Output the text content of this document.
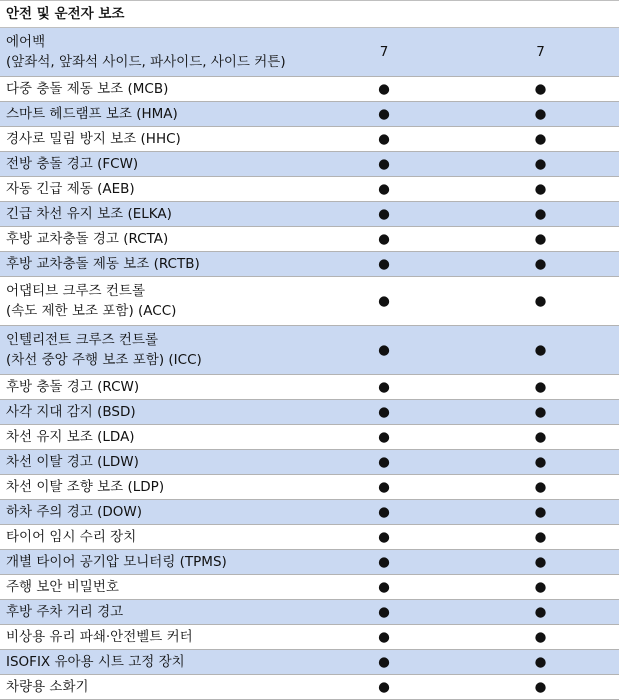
안전 및 운전자 보조
에어백
(앞좌석, 앞좌석 사이드, 파사이드, 사이드 커튼)	7	7

다중 충돌 제동 보조 (MCB)	●	●

스마트 헤드램프 보조 (HMA)	●	●

경사로 밀림 방지 보조 (HHC)	●	●

전방 충돌 경고 (FCW)	●	●

자동 긴급 제동 (AEB)	●	●

긴급 차선 유지 보조 (ELKA)	●	●

후방 교차충돌 경고 (RCTA)	●	●

후방 교차충돌 제동 보조 (RCTB)	●	●

어댑티브 크루즈 컨트롤
(속도 제한 보조 포함) (ACC)	●	●

인텔리전트 크루즈 컨트롤
(차선 중앙 주행 보조 포함) (ICC)	●	●

후방 충돌 경고 (RCW)	●	●

사각 지대 감지 (BSD)	●	●

차선 유지 보조 (LDA)	●	●

차선 이탈 경고 (LDW)	●	●

차선 이탈 조향 보조 (LDP)	●	●

하차 주의 경고 (DOW)	●	●

타이어 임시 수리 장치	●	●

개별 타이어 공기압 모니터링 (TPMS)	●	●

주행 보안 비밀번호	●	●

후방 주차 거리 경고	●	●

비상용 유리 파쇄·안전벨트 커터	●	●

ISOFIX 유아용 시트 고정 장치	●	●

차량용 소화기	●	●
